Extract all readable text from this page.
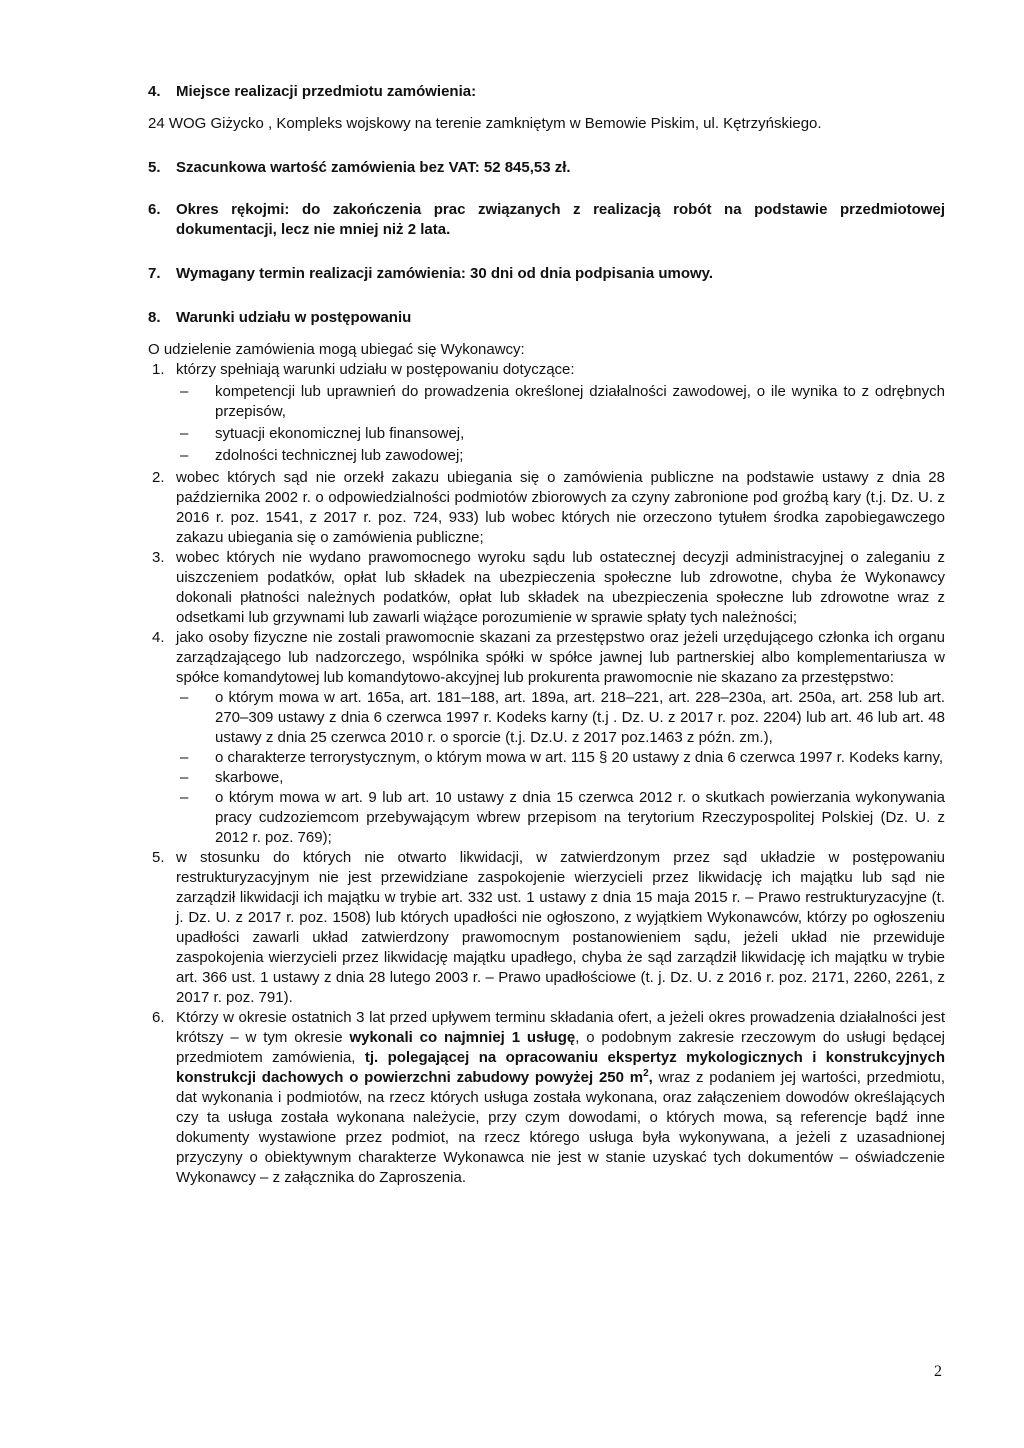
4.	Miejsce realizacji przedmiotu zamówienia:

24 WOG Giżycko , Kompleks wojskowy na terenie zamkniętym w Bemowie Piskim, ul. Kętrzyńskiego.

5.	Szacunkowa wartość zamówienia bez VAT: 52 845,53 zł.
6.	Okres rękojmi: do zakończenia prac związanych z realizacją robót na podstawie przedmiotowej dokumentacji, lecz nie mniej niż 2 lata.
7.	Wymagany termin realizacji zamówienia: 30 dni od dnia podpisania umowy.
8.	Warunki udziału w postępowaniu

O udzielenie zamówienia mogą ubiegać się Wykonawcy:

1. którzy spełniają warunki udziału w postępowaniu dotyczące:

–	kompetencji lub uprawnień do prowadzenia określonej działalności zawodowej, o ile wynika to z odrębnych przepisów,
–	sytuacji ekonomicznej lub finansowej,
–	zdolności technicznej lub zawodowej;
2. wobec których sąd nie orzekł zakazu ubiegania się o zamówienia publiczne na podstawie ustawy z dnia 28 października 2002 r. o odpowiedzialności podmiotów zbiorowych za czyny zabronione pod groźbą kary (t.j. Dz. U. z 2016 r. poz. 1541, z 2017 r. poz. 724, 933) lub wobec których nie orzeczono tytułem środka zapobiegawczego zakazu ubiegania się o zamówienia publiczne;

3. wobec których nie wydano prawomocnego wyroku sądu lub ostatecznej decyzji administracyjnej o zaleganiu z uiszczeniem podatków, opłat lub składek na ubezpieczenia społeczne lub zdrowotne, chyba że Wykonawcy dokonali płatności należnych podatków, opłat lub składek na ubezpieczenia społeczne lub zdrowotne wraz z odsetkami lub grzywnami lub zawarli wiążące porozumienie w sprawie spłaty tych należności;

4. jako osoby fizyczne nie zostali prawomocnie skazani za przestępstwo oraz jeżeli urzędującego członka ich organu zarządzającego lub nadzorczego, wspólnika spółki w spółce jawnej lub partnerskiej albo komplementariusza w spółce komandytowej lub komandytowo-akcyjnej lub prokurenta prawomocnie nie skazano za przestępstwo:

–	o którym mowa w art. 165a, art. 181–188, art. 189a, art. 218–221, art. 228–230a, art. 250a, art. 258 lub art. 270–309 ustawy z dnia 6 czerwca 1997 r. Kodeks karny (t.j . Dz. U. z 2017 r. poz. 2204) lub art. 46 lub art. 48 ustawy z dnia 25 czerwca 2010 r. o sporcie (t.j. Dz.U. z 2017 poz.1463 z późn. zm.),
–	o charakterze terrorystycznym, o którym mowa w art. 115 § 20 ustawy z dnia 6 czerwca 1997 r. Kodeks karny,
–	skarbowe,
–	o którym mowa w art. 9 lub art. 10 ustawy z dnia 15 czerwca 2012 r. o skutkach powierzania wykonywania pracy cudzoziemcom przebywającym wbrew przepisom na terytorium Rzeczypospolitej Polskiej (Dz. U. z 2012 r. poz. 769);
5. w stosunku do których nie otwarto likwidacji, w zatwierdzonym przez sąd układzie w postępowaniu restrukturyzacyjnym nie jest przewidziane zaspokojenie wierzycieli przez likwidację ich majątku lub sąd nie zarządził likwidacji ich majątku w trybie art. 332 ust. 1 ustawy z dnia 15 maja 2015 r. – Prawo restrukturyzacyjne (t. j. Dz. U. z 2017 r. poz. 1508) lub których upadłości nie ogłoszono, z wyjątkiem Wykonawców, którzy po ogłoszeniu upadłości zawarli układ zatwierdzony prawomocnym postanowieniem sądu, jeżeli układ nie przewiduje zaspokojenia wierzycieli przez likwidację majątku upadłego, chyba że sąd zarządził likwidację ich majątku w trybie art. 366 ust. 1 ustawy z dnia 28 lutego 2003 r. – Prawo upadłościowe (t. j. Dz. U. z 2016 r. poz. 2171, 2260, 2261, z 2017 r. poz. 791).

6. Którzy w okresie ostatnich 3 lat przed upływem terminu składania ofert, a jeżeli okres prowadzenia działalności jest krótszy – w tym okresie wykonali co najmniej 1 usługę, o podobnym zakresie rzeczowym do usługi będącej przedmiotem zamówienia, tj. polegającej na opracowaniu ekspertyz mykologicznych i konstrukcyjnych konstrukcji dachowych o powierzchni zabudowy powyżej 250 $m^2$, wraz z podaniem jej wartości, przedmiotu, dat wykonania i podmiotów, na rzecz których usługa została wykonana, oraz załączeniem dowodów określających czy ta usługa została wykonana należycie, przy czym dowodami, o których mowa, są referencje bądź inne dokumenty wystawione przez podmiot, na rzecz którego usługa była wykonywana, a jeżeli z uzasadnionej przyczyny o obiektywnym charakterze Wykonawca nie jest w stanie uzyskać tych dokumentów – oświadczenie Wykonawcy – z załącznika do Zaproszenia.

2
